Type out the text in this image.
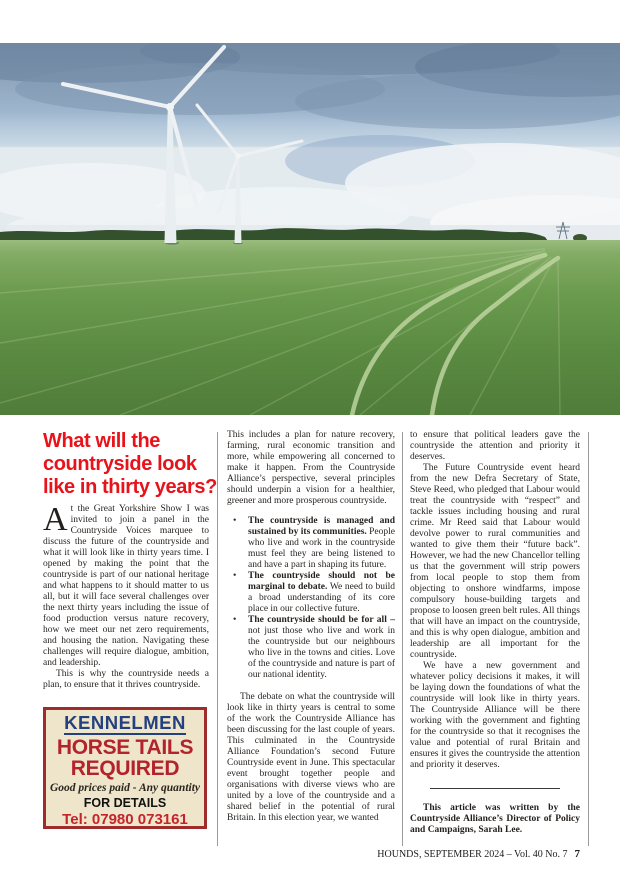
What will the
countryside look
like in thirty years?

At the Great Yorkshire Show I was invited to join a panel in the Countryside Voices marquee to discuss the future of the countryside and what it will look like in thirty years time. I opened by making the point that the countryside is part of our national heritage and what happens to it should matter to us all, but it will face several challenges over the next thirty years including the issue of food production versus nature recovery, how we meet our net zero requirements, and housing the nation. Navigating these challenges will require dialogue, ambition, and leadership.

This is why the countryside needs a plan, to ensure that it thrives countryside.

KENNELMEN
HORSE TAILS
REQUIRED
Good prices paid - Any quantity
FOR DETAILS
Tel: 07980 073161

This includes a plan for nature recovery, farming, rural economic transition and more, while empowering all concerned to make it happen. From the Countryside Alliance’s perspective, several principles should underpin a vision for a healthier, greener and more prosperous countryside.

• The countryside is managed and sustained by its communities. People who live and work in the countryside must feel they are being listened to and have a part in shaping its future.
• The countryside should not be marginal to debate. We need to build a broad understanding of its core place in our collective future.
• The countryside should be for all – not just those who live and work in the countryside but our neighbours who live in the towns and cities. Love of the countryside and nature is part of our national identity.

The debate on what the countryside will look like in thirty years is central to some of the work the Countryside Alliance has been discussing for the last couple of years. This culminated in the Countryside Alliance Foundation’s second Future Countryside event in June. This spectacular event brought together people and organisations with diverse views who are united by a love of the countryside and a shared belief in the potential of rural Britain. In this election year, we wanted

to ensure that political leaders gave the countryside the attention and priority it deserves.

The Future Countryside event heard from the new Defra Secretary of State, Steve Reed, who pledged that Labour would treat the countryside with “respect” and tackle issues including housing and rural crime. Mr Reed said that Labour would devolve power to rural communities and wanted to give them their “future back”. However, we had the new Chancellor telling us that the government will strip powers from local people to stop them from objecting to onshore windfarms, impose compulsory house-building targets and propose to loosen green belt rules. All things that will have an impact on the countryside, and this is why open dialogue, ambition and leadership are all important for the countryside.

We have a new government and whatever policy decisions it makes, it will be laying down the foundations of what the countryside will look like in thirty years. The Countryside Alliance will be there working with the government and fighting for the countryside so that it recognises the value and potential of rural Britain and ensures it gives the countryside the attention and priority it deserves.

This article was written by the Countryside Alliance’s Director of Policy and Campaigns, Sarah Lee.

HOUNDS, SEPTEMBER 2024 – Vol. 40 No. 7 7
